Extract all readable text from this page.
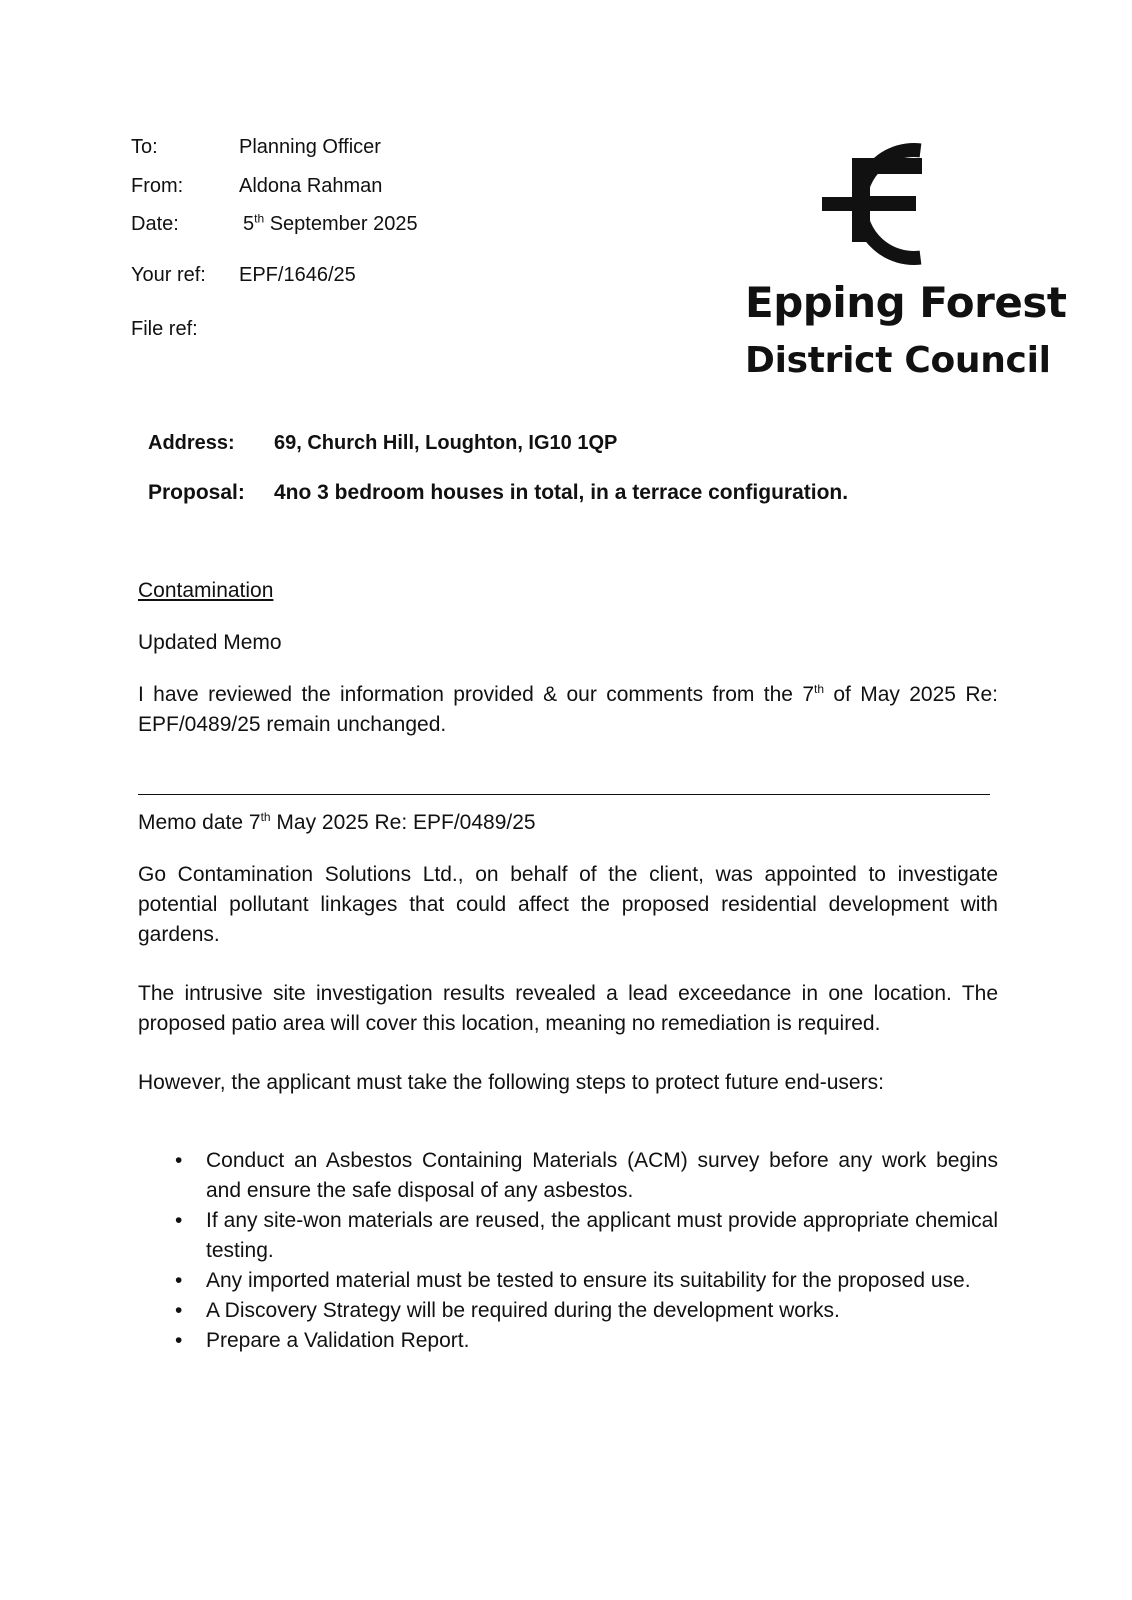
To:	Planning Officer
From:	Aldona Rahman
Date:	5th September 2025
Your ref: EPF/1646/25
File ref:
Epping Forest
District Council
Address: 69, Church Hill, Loughton, IG10 1QP
Proposal: 4no 3 bedroom houses in total, in a terrace configuration.
Contamination
Updated Memo
I have reviewed the information provided & our comments from the 7th of May 2025 Re: EPF/0489/25 remain unchanged.
Memo date 7th May 2025 Re: EPF/0489/25
Go Contamination Solutions Ltd., on behalf of the client, was appointed to investigate potential pollutant linkages that could affect the proposed residential development with gardens.
The intrusive site investigation results revealed a lead exceedance in one location. The proposed patio area will cover this location, meaning no remediation is required.
However, the applicant must take the following steps to protect future end-users:
• Conduct an Asbestos Containing Materials (ACM) survey before any work begins and ensure the safe disposal of any asbestos.
• If any site-won materials are reused, the applicant must provide appropriate chemical testing.
• Any imported material must be tested to ensure its suitability for the proposed use.
• A Discovery Strategy will be required during the development works.
• Prepare a Validation Report.
